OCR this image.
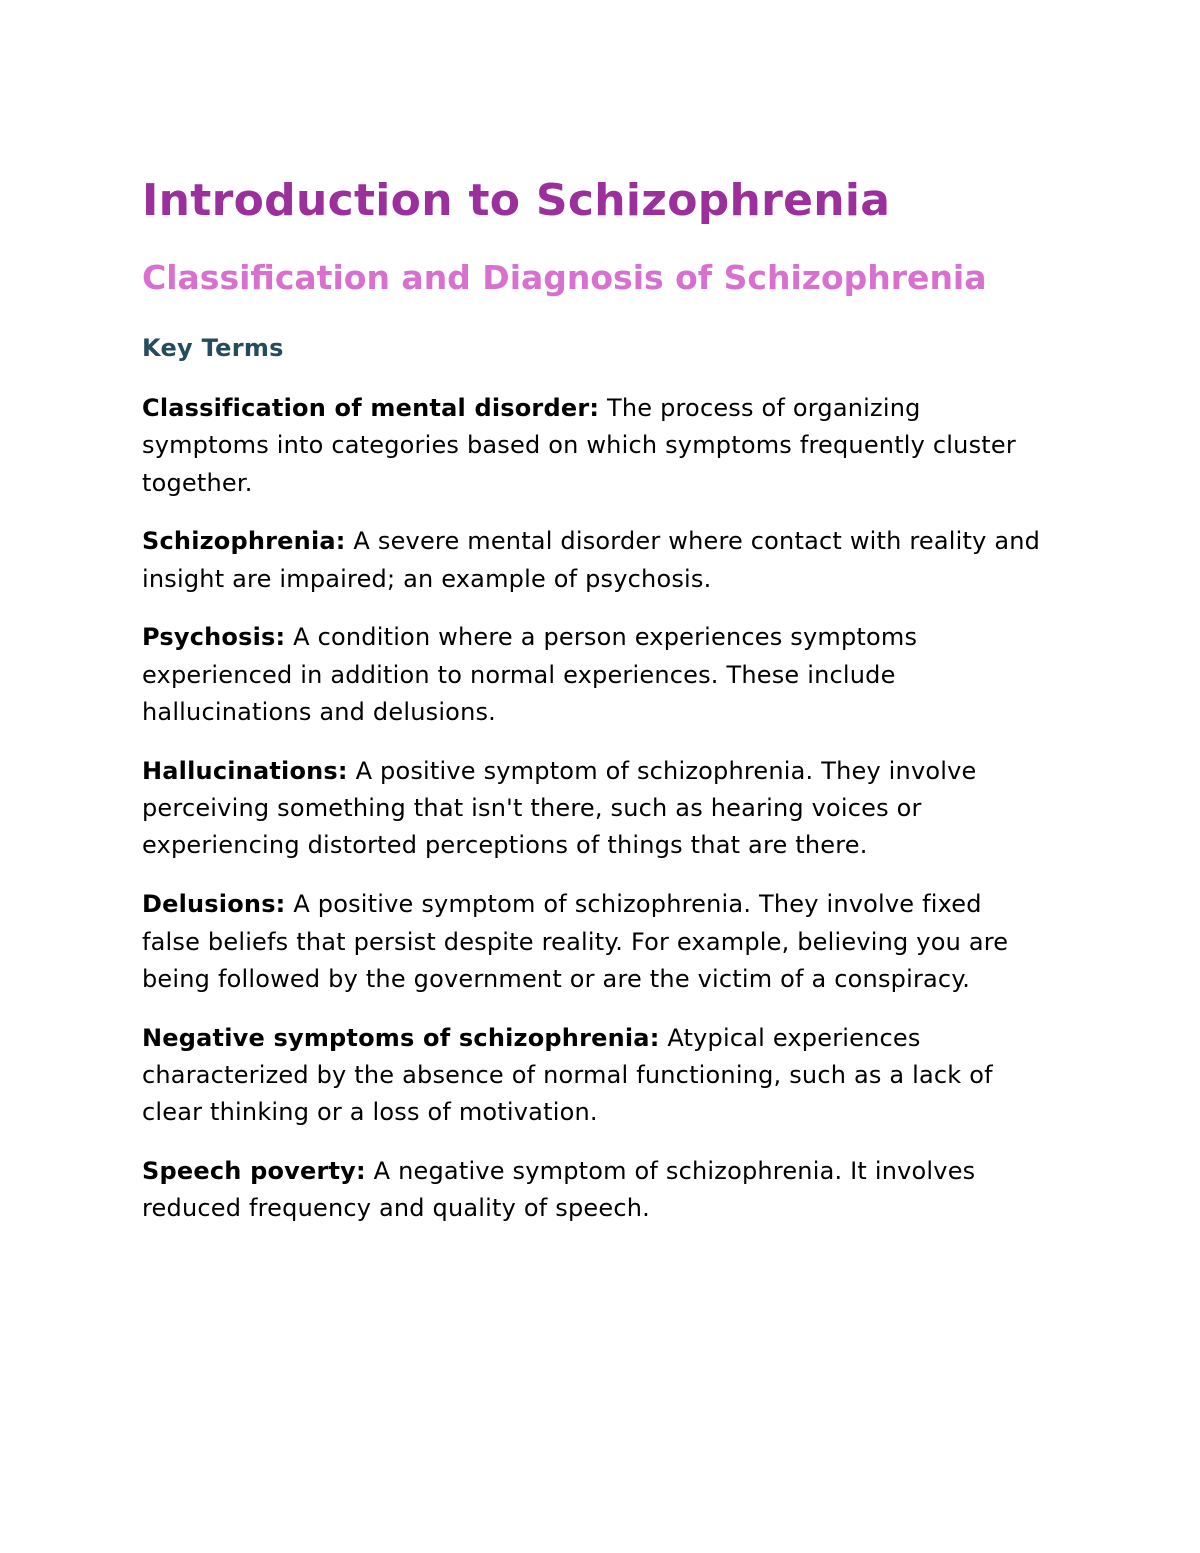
Introduction to Schizophrenia
Classification and Diagnosis of Schizophrenia
Key Terms

Classification of mental disorder: The process of organizing symptoms into categories based on which symptoms frequently cluster together.

Schizophrenia: A severe mental disorder where contact with reality and insight are impaired; an example of psychosis.

Psychosis: A condition where a person experiences symptoms experienced in addition to normal experiences. These include hallucinations and delusions.

Hallucinations: A positive symptom of schizophrenia. They involve perceiving something that isn't there, such as hearing voices or experiencing distorted perceptions of things that are there.

Delusions: A positive symptom of schizophrenia. They involve fixed false beliefs that persist despite reality. For example, believing you are being followed by the government or are the victim of a conspiracy.

Negative symptoms of schizophrenia: Atypical experiences characterized by the absence of normal functioning, such as a lack of clear thinking or a loss of motivation.

Speech poverty: A negative symptom of schizophrenia. It involves reduced frequency and quality of speech.
